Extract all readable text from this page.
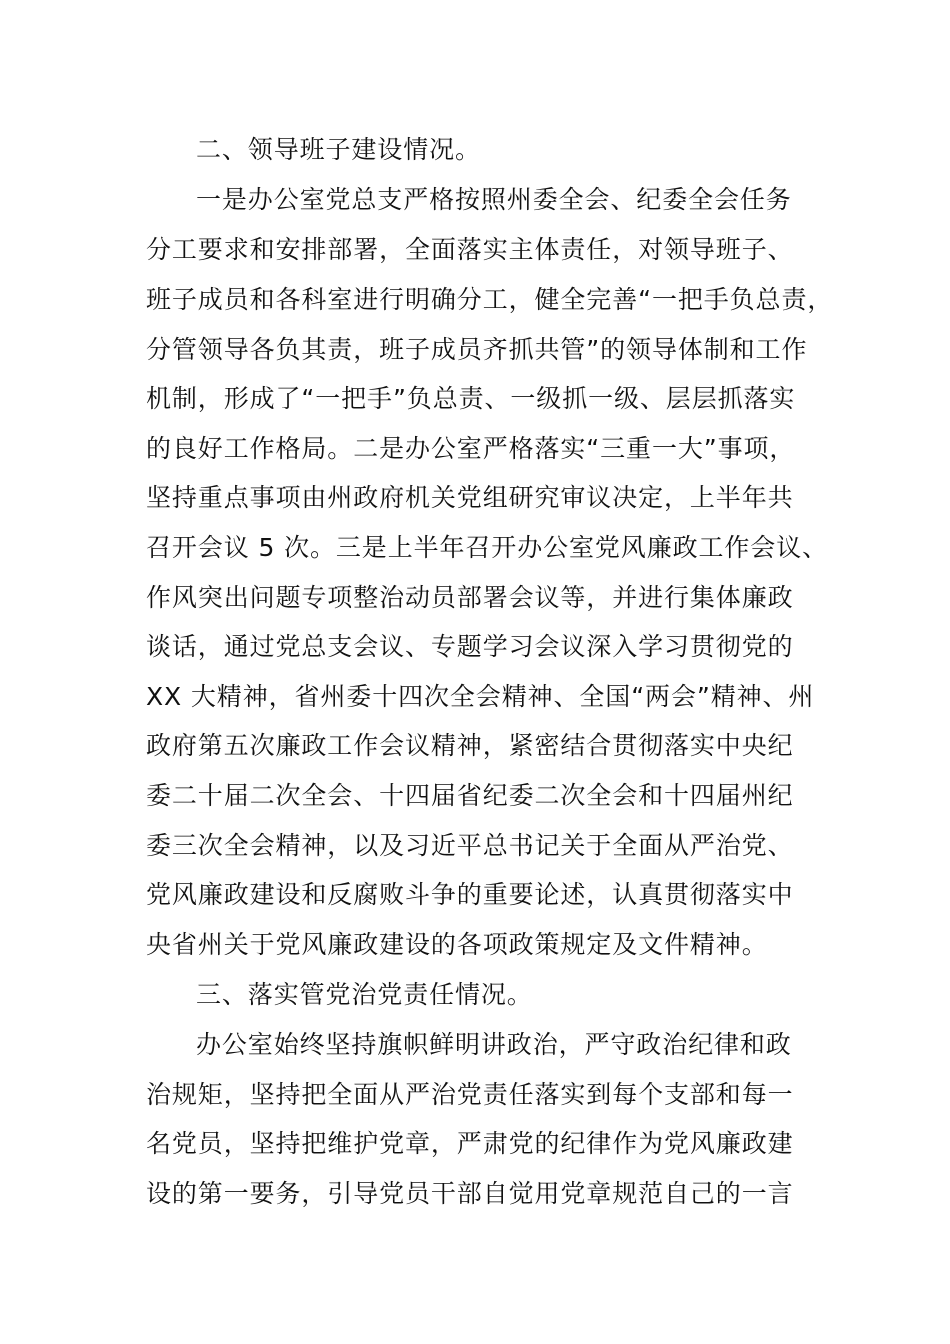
二、领导班子建设情况。
一是办公室党总支严格按照州委全会、纪委全会任务
分工要求和安排部署，全面落实主体责任，对领导班子、
班子成员和各科室进行明确分工，健全完善“一把手负总责，
分管领导各负其责，班子成员齐抓共管”的领导体制和工作
机制，形成了“一把手”负总责、一级抓一级、层层抓落实
的良好工作格局。二是办公室严格落实“三重一大”事项，
坚持重点事项由州政府机关党组研究审议决定，上半年共
召开会议 5 次。三是上半年召开办公室党风廉政工作会议、
作风突出问题专项整治动员部署会议等，并进行集体廉政
谈话，通过党总支会议、专题学习会议深入学习贯彻党的
XX 大精神，省州委十四次全会精神、全国“两会”精神、州
政府第五次廉政工作会议精神，紧密结合贯彻落实中央纪
委二十届二次全会、十四届省纪委二次全会和十四届州纪
委三次全会精神，以及习近平总书记关于全面从严治党、
党风廉政建设和反腐败斗争的重要论述，认真贯彻落实中
央省州关于党风廉政建设的各项政策规定及文件精神。
三、落实管党治党责任情况。
办公室始终坚持旗帜鲜明讲政治，严守政治纪律和政
治规矩，坚持把全面从严治党责任落实到每个支部和每一
名党员，坚持把维护党章，严肃党的纪律作为党风廉政建
设的第一要务，引导党员干部自觉用党章规范自己的一言
